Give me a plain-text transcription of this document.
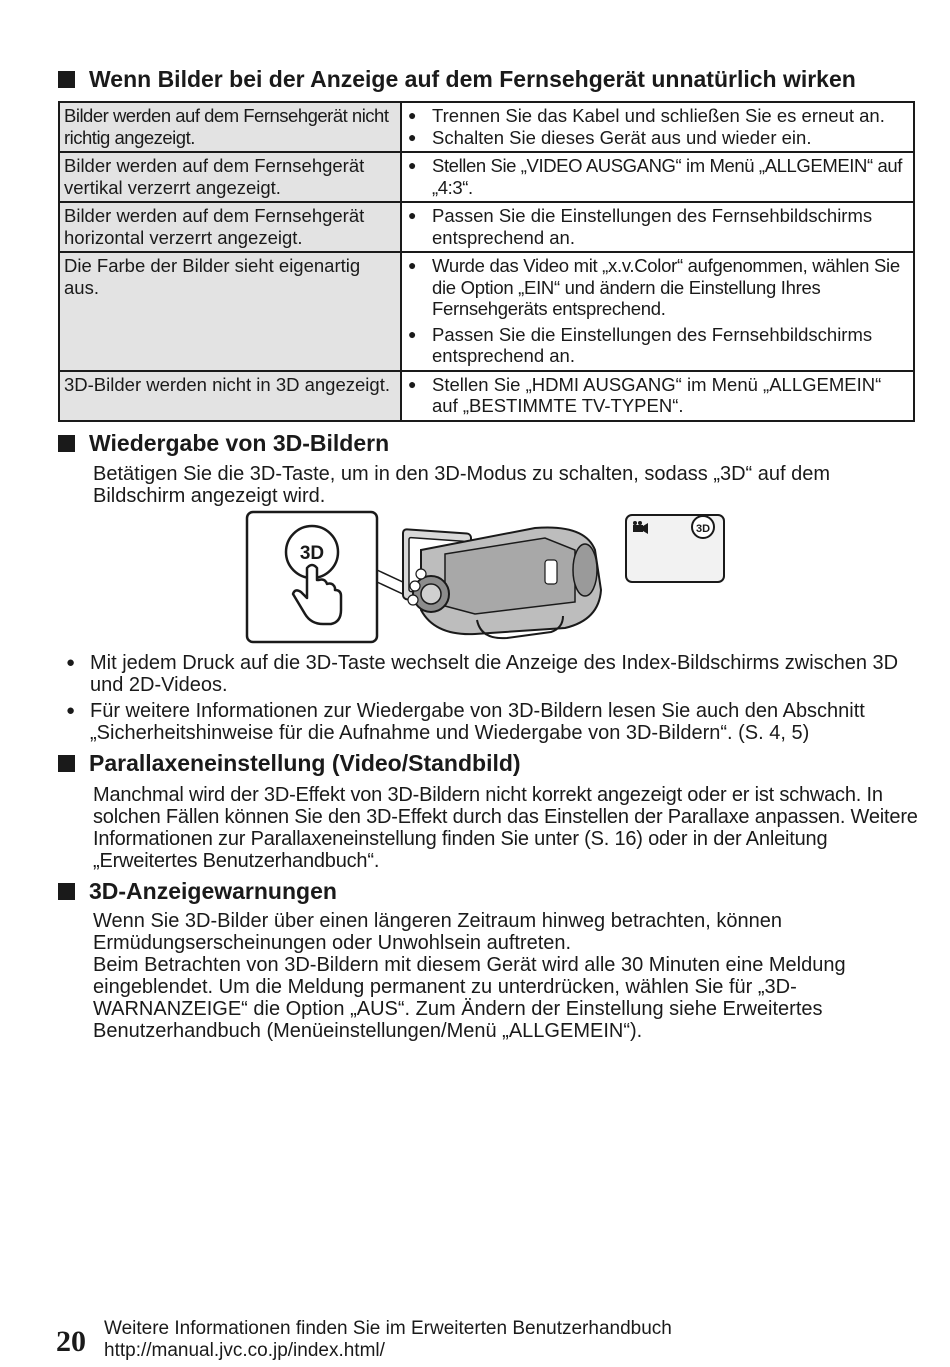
Wenn Bilder bei der Anzeige auf dem Fernsehgerät unnatürlich wirken
Bilder werden auf dem Fernsehgerät nicht richtig angezeigt.	● Trennen Sie das Kabel und schließen Sie es erneut an.
● Schalten Sie dieses Gerät aus und wieder ein.

Bilder werden auf dem Fernsehgerät vertikal verzerrt angezeigt.	● Stellen Sie „VIDEO AUSGANG“ im Menü „ALLGEMEIN“ auf „4:3“.

Bilder werden auf dem Fernsehgerät horizontal verzerrt angezeigt.	● Passen Sie die Einstellungen des Fernsehbildschirms entsprechend an.

Die Farbe der Bilder sieht eigenartig aus.	● Wurde das Video mit „x.v.Color“ aufgenommen, wählen Sie die Option „EIN“ und ändern die Einstellung Ihres Fernsehgeräts entsprechend.
● Passen Sie die Einstellungen des Fernsehbildschirms entsprechend an.

3D-Bilder werden nicht in 3D angezeigt.	● Stellen Sie „HDMI AUSGANG“ im Menü „ALLGEMEIN“ auf „BESTIMMTE TV-TYPEN“.
Wiedergabe von 3D-Bildern
Betätigen Sie die 3D-Taste, um in den 3D-Modus zu schalten, sodass „3D“ auf dem Bildschirm angezeigt wird.
3D
3D
● Mit jedem Druck auf die 3D-Taste wechselt die Anzeige des Index-Bildschirms zwischen 3D und 2D-Videos.
● Für weitere Informationen zur Wiedergabe von 3D-Bildern lesen Sie auch den Abschnitt „Sicherheitshinweise für die Aufnahme und Wiedergabe von 3D-Bildern“. (S. 4, 5)
Parallaxeneinstellung (Video/Standbild)
Manchmal wird der 3D-Effekt von 3D-Bildern nicht korrekt angezeigt oder er ist schwach. In solchen Fällen können Sie den 3D-Effekt durch das Einstellen der Parallaxe anpassen. Weitere Informationen zur Parallaxeneinstellung finden Sie unter (S. 16) oder in der Anleitung „Erweitertes Benutzerhandbuch“.
3D-Anzeigewarnungen
Wenn Sie 3D-Bilder über einen längeren Zeitraum hinweg betrachten, können Ermüdungserscheinungen oder Unwohlsein auftreten.
Beim Betrachten von 3D-Bildern mit diesem Gerät wird alle 30 Minuten eine Meldung eingeblendet. Um die Meldung permanent zu unterdrücken, wählen Sie für „3D-WARNANZEIGE“ die Option „AUS“. Zum Ändern der Einstellung siehe Erweitertes Benutzerhandbuch (Menüeinstellungen/Menü „ALLGEMEIN“).
20 Weitere Informationen finden Sie im Erweiterten Benutzerhandbuch
http://manual.jvc.co.jp/index.html/
